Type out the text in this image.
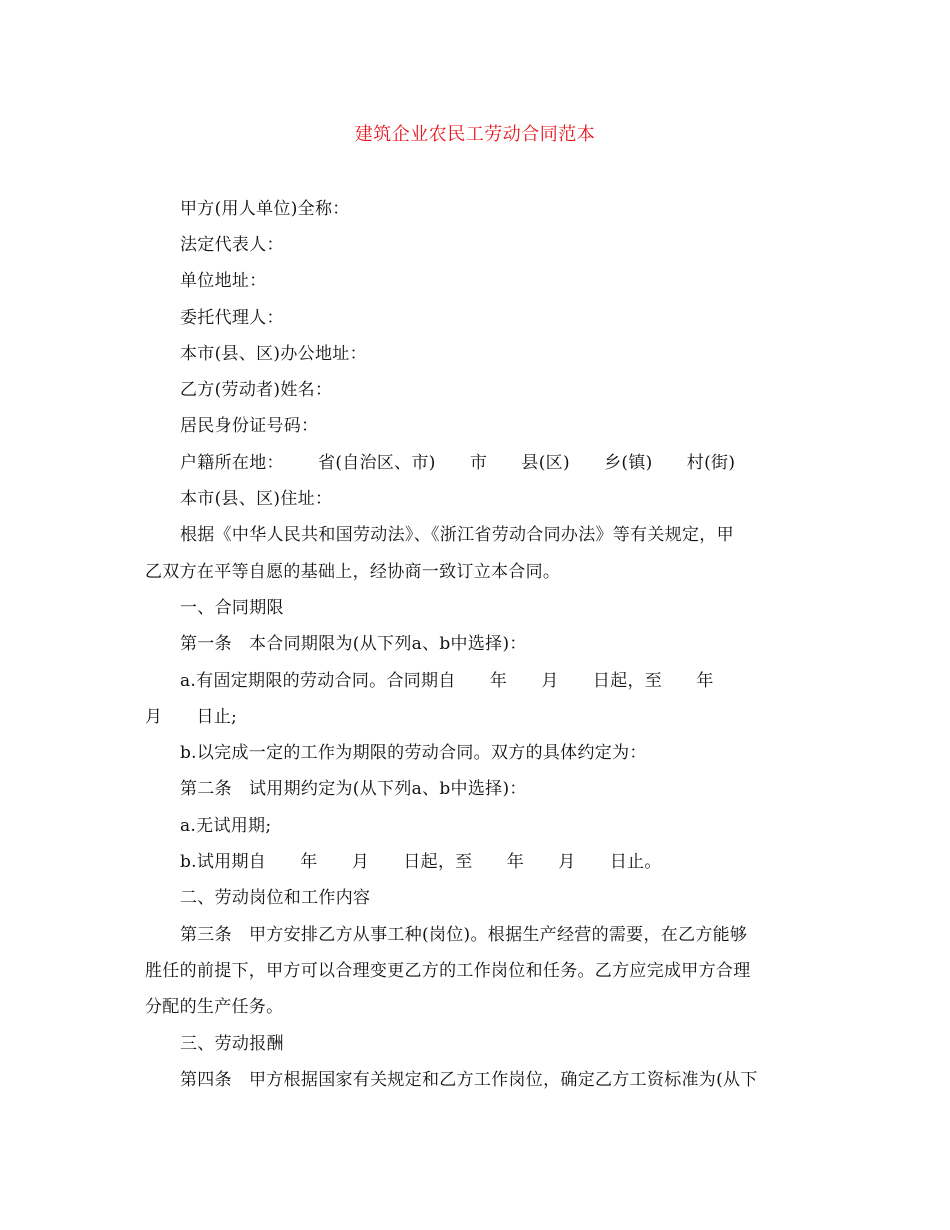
建筑企业农民工劳动合同范本
甲方(用人单位)全称：
法定代表人：
单位地址：
委托代理人：
本市(县、区)办公地址：
乙方(劳动者)姓名：
居民身份证号码：
户籍所在地：      省(自治区、市)      市      县(区)      乡(镇)      村(街)
本市(县、区)住址：
根据《中华人民共和国劳动法》、《浙江省劳动合同办法》等有关规定，甲
乙双方在平等自愿的基础上，经协商一致订立本合同。
一、合同期限
第一条   本合同期限为(从下列a、b中选择)：
a.有固定期限的劳动合同。合同期自      年      月      日起，至      年
月      日止;
b.以完成一定的工作为期限的劳动合同。双方的具体约定为：
第二条   试用期约定为(从下列a、b中选择)：
a.无试用期;
b.试用期自      年      月      日起，至      年      月      日止。
二、劳动岗位和工作内容
第三条   甲方安排乙方从事工种(岗位)。根据生产经营的需要，在乙方能够
胜任的前提下，甲方可以合理变更乙方的工作岗位和任务。乙方应完成甲方合理
分配的生产任务。
三、劳动报酬
第四条   甲方根据国家有关规定和乙方工作岗位，确定乙方工资标准为(从下
